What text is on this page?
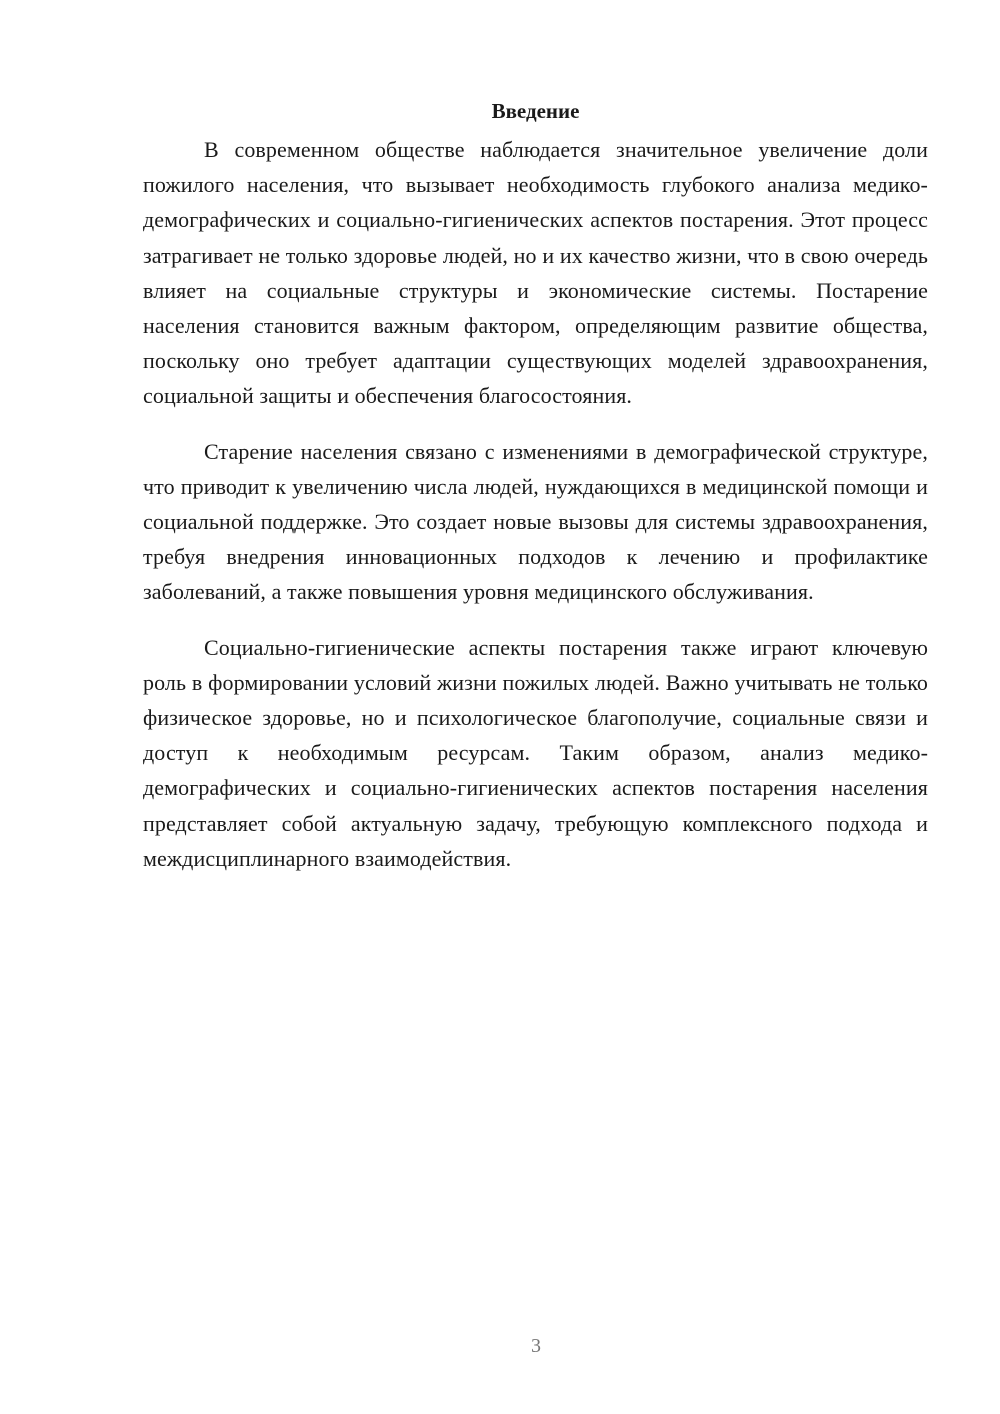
Введение

В современном обществе наблюдается значительное увеличение доли пожилого населения, что вызывает необходимость глубокого анализа медико-демографических и социально-гигиенических аспектов постарения. Этот процесс затрагивает не только здоровье людей, но и их качество жизни, что в свою очередь влияет на социальные структуры и экономические системы. Постарение населения становится важным фактором, определяющим развитие общества, поскольку оно требует адаптации существующих моделей здравоохранения, социальной защиты и обеспечения благосостояния.

Старение населения связано с изменениями в демографической структуре, что приводит к увеличению числа людей, нуждающихся в медицинской помощи и социальной поддержке. Это создает новые вызовы для системы здравоохранения, требуя внедрения инновационных подходов к лечению и профилактике заболеваний, а также повышения уровня медицинского обслуживания.

Социально-гигиенические аспекты постарения также играют ключевую роль в формировании условий жизни пожилых людей. Важно учитывать не только физическое здоровье, но и психологическое благополучие, социальные связи и доступ к необходимым ресурсам. Таким образом, анализ медико-демографических и социально-гигиенических аспектов постарения населения представляет собой актуальную задачу, требующую комплексного подхода и междисциплинарного взаимодействия.

3
